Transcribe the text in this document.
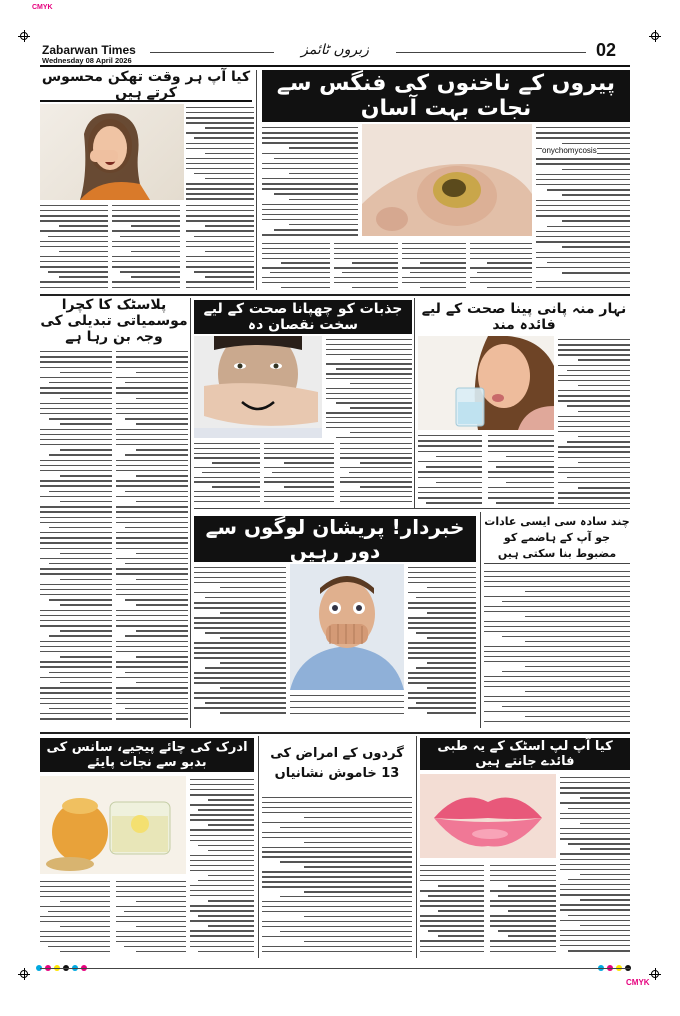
CMYK
Zabarwan Times
Wednesday 08 April 2026
زبروں ٹائمز	02
کیا آپ ہر وقت تھکن محسوس کرتے ہیں	پیروں کے ناخنوں کی فنگس سے نجات بہت آسان
onychomycosis
پلاسٹک کا کچرا موسمیاتی تبدیلی کی وجہ بن رہا ہے
جذبات کو چھپانا صحت کے لیے سخت نقصان دہ
نہار منہ پانی پینا صحت کے لیے فائدہ مند
خبردار! پریشان لوگوں سے دور رہیں
چند سادہ سی ایسی عادات جو آپ کے ہاضمے کو مضبوط بنا سکتی ہیں
ادرک کی چائے پیجیے، سانس کی بدبو سے نجات پایئے
گردوں کے امراض کی 13 خاموش نشانیاں
کیا آپ لپ اسٹک کے یہ طبی فائدے جانتے ہیں
CMYK
